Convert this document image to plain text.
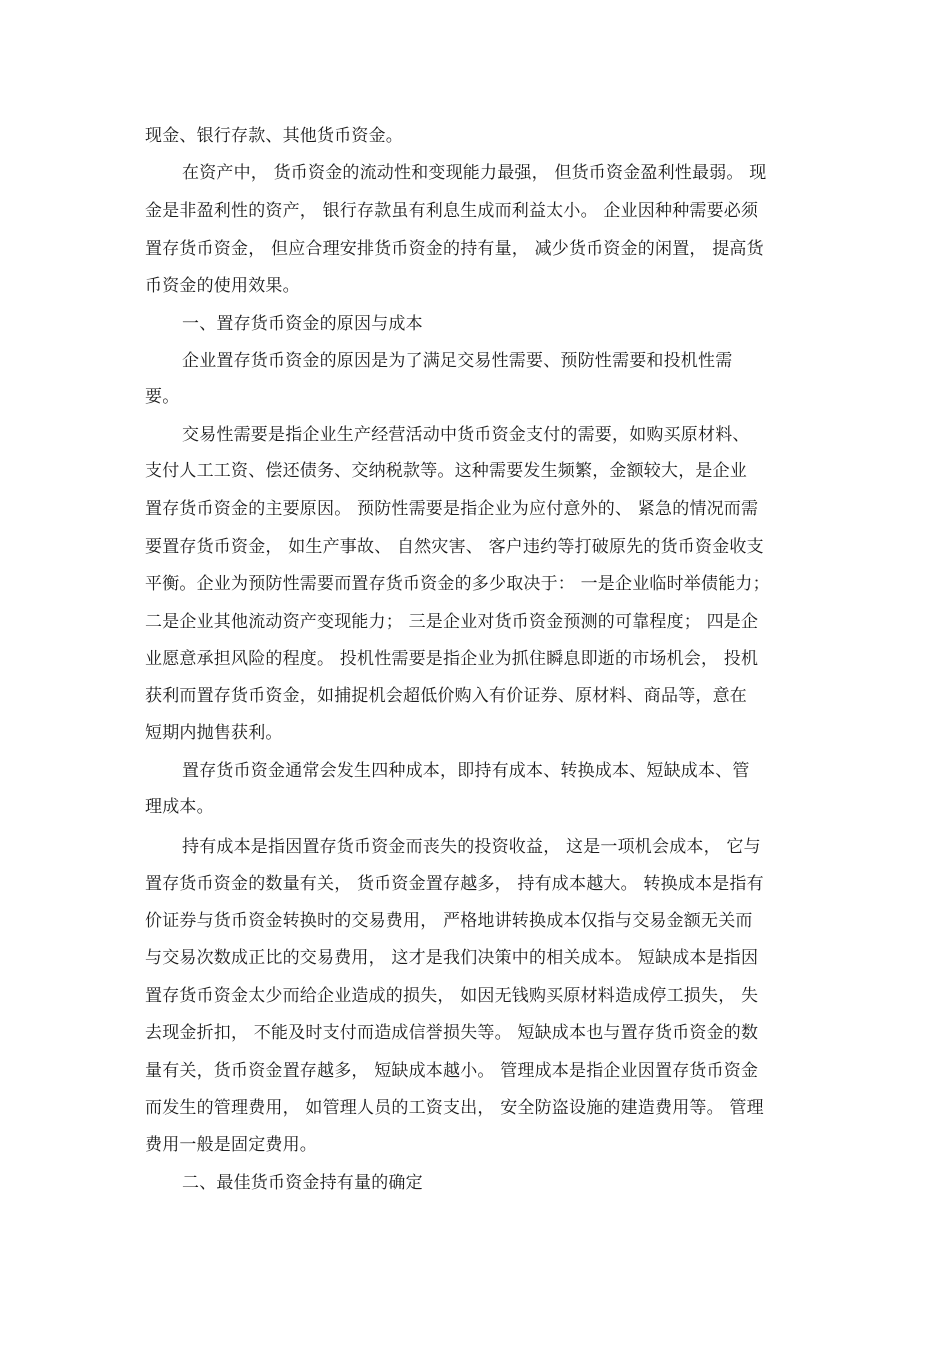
现金、银行存款、其他货币资金。
在资产中， 货币资金的流动性和变现能力最强， 但货币资金盈利性最弱。 现
金是非盈利性的资产， 银行存款虽有利息生成而利益太小。 企业因种种需要必须
置存货币资金， 但应合理安排货币资金的持有量， 减少货币资金的闲置， 提高货
币资金的使用效果。
一、置存货币资金的原因与成本
企业置存货币资金的原因是为了满足交易性需要、预防性需要和投机性需
要。
交易性需要是指企业生产经营活动中货币资金支付的需要，如购买原材料、
支付人工工资、偿还债务、交纳税款等。这种需要发生频繁，金额较大，是企业
置存货币资金的主要原因。 预防性需要是指企业为应付意外的、 紧急的情况而需
要置存货币资金， 如生产事故、 自然灾害、 客户违约等打破原先的货币资金收支
平衡。企业为预防性需要而置存货币资金的多少取决于： 一是企业临时举债能力；
二是企业其他流动资产变现能力； 三是企业对货币资金预测的可靠程度； 四是企
业愿意承担风险的程度。 投机性需要是指企业为抓住瞬息即逝的市场机会， 投机
获利而置存货币资金，如捕捉机会超低价购入有价证券、原材料、商品等，意在
短期内抛售获利。
置存货币资金通常会发生四种成本，即持有成本、转换成本、短缺成本、管
理成本。
持有成本是指因置存货币资金而丧失的投资收益， 这是一项机会成本， 它与
置存货币资金的数量有关， 货币资金置存越多， 持有成本越大。 转换成本是指有
价证券与货币资金转换时的交易费用， 严格地讲转换成本仅指与交易金额无关而
与交易次数成正比的交易费用， 这才是我们决策中的相关成本。 短缺成本是指因
置存货币资金太少而给企业造成的损失， 如因无钱购买原材料造成停工损失， 失
去现金折扣， 不能及时支付而造成信誉损失等。 短缺成本也与置存货币资金的数
量有关，货币资金置存越多， 短缺成本越小。 管理成本是指企业因置存货币资金
而发生的管理费用， 如管理人员的工资支出， 安全防盗设施的建造费用等。 管理
费用一般是固定费用。
二、最佳货币资金持有量的确定
